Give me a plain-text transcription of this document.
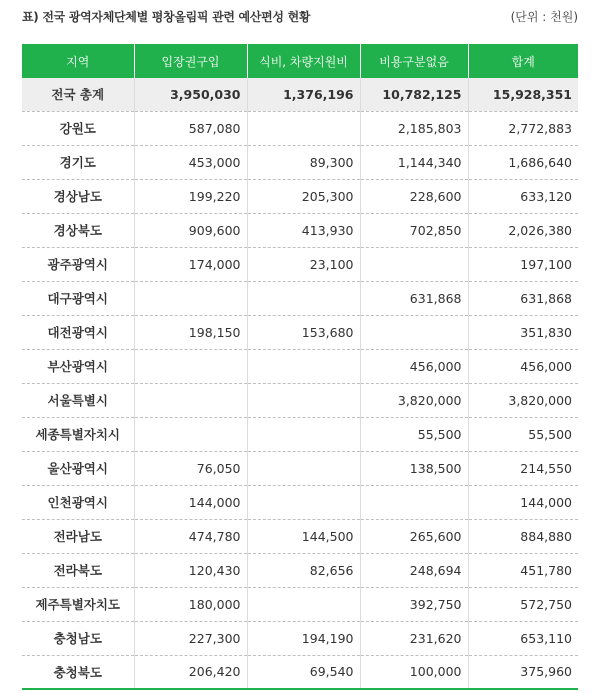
표) 전국 광역자체단체별 평창올림픽 관련 예산편성 현황	(단위 : 천원)
지역	입장권구입	식비, 차량지원비	비용구분없음	합계
전국 총계	3,950,030	1,376,196	10,782,125	15,928,351
강원도	587,080		2,185,803	2,772,883
경기도	453,000	89,300	1,144,340	1,686,640
경상남도	199,220	205,300	228,600	633,120
경상북도	909,600	413,930	702,850	2,026,380
광주광역시	174,000	23,100		197,100
대구광역시			631,868	631,868
대전광역시	198,150	153,680		351,830
부산광역시			456,000	456,000
서울특별시			3,820,000	3,820,000
세종특별자치시			55,500	55,500
울산광역시	76,050		138,500	214,550
인천광역시	144,000			144,000
전라남도	474,780	144,500	265,600	884,880
전라북도	120,430	82,656	248,694	451,780
제주특별자치도	180,000		392,750	572,750
충청남도	227,300	194,190	231,620	653,110
충청북도	206,420	69,540	100,000	375,960
